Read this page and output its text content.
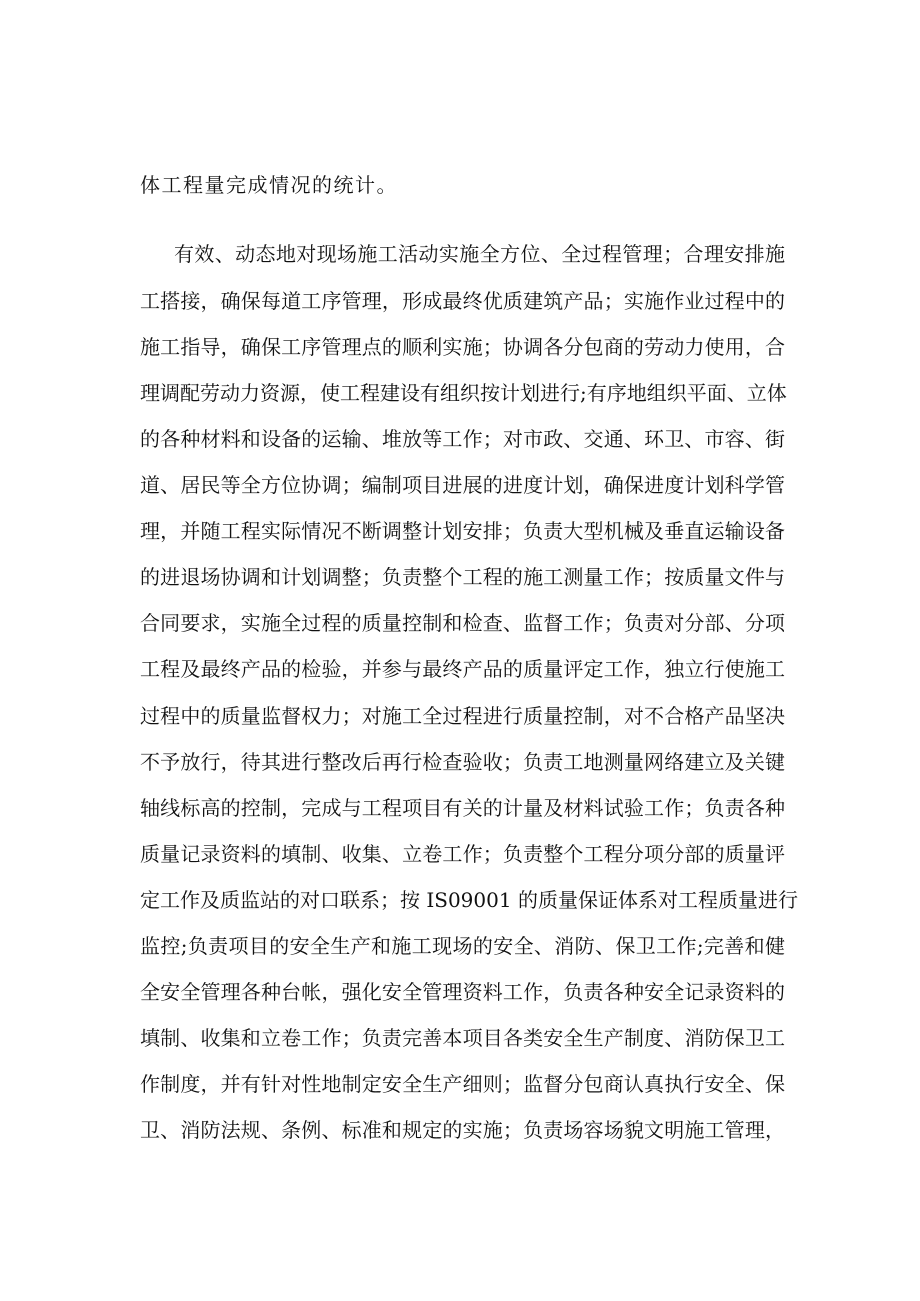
体工程量完成情况的统计。
有效、动态地对现场施工活动实施全方位、全过程管理；合理安排施
工搭接，确保每道工序管理，形成最终优质建筑产品；实施作业过程中的
施工指导，确保工序管理点的顺利实施；协调各分包商的劳动力使用，合
理调配劳动力资源，使工程建设有组织按计划进行;有序地组织平面、立体
的各种材料和设备的运输、堆放等工作；对市政、交通、环卫、市容、街
道、居民等全方位协调；编制项目进展的进度计划，确保进度计划科学管
理，并随工程实际情况不断调整计划安排；负责大型机械及垂直运输设备
的进退场协调和计划调整；负责整个工程的施工测量工作；按质量文件与
合同要求，实施全过程的质量控制和检查、监督工作；负责对分部、分项
工程及最终产品的检验，并参与最终产品的质量评定工作，独立行使施工
过程中的质量监督权力；对施工全过程进行质量控制，对不合格产品坚决
不予放行，待其进行整改后再行检查验收；负责工地测量网络建立及关键
轴线标高的控制，完成与工程项目有关的计量及材料试验工作；负责各种
质量记录资料的填制、收集、立卷工作；负责整个工程分项分部的质量评
定工作及质监站的对口联系；按 IS09001 的质量保证体系对工程质量进行
监控;负责项目的安全生产和施工现场的安全、消防、保卫工作;完善和健
全安全管理各种台帐，强化安全管理资料工作，负责各种安全记录资料的
填制、收集和立卷工作；负责完善本项目各类安全生产制度、消防保卫工
作制度，并有针对性地制定安全生产细则；监督分包商认真执行安全、保
卫、消防法规、条例、标准和规定的实施；负责场容场貌文明施工管理，
